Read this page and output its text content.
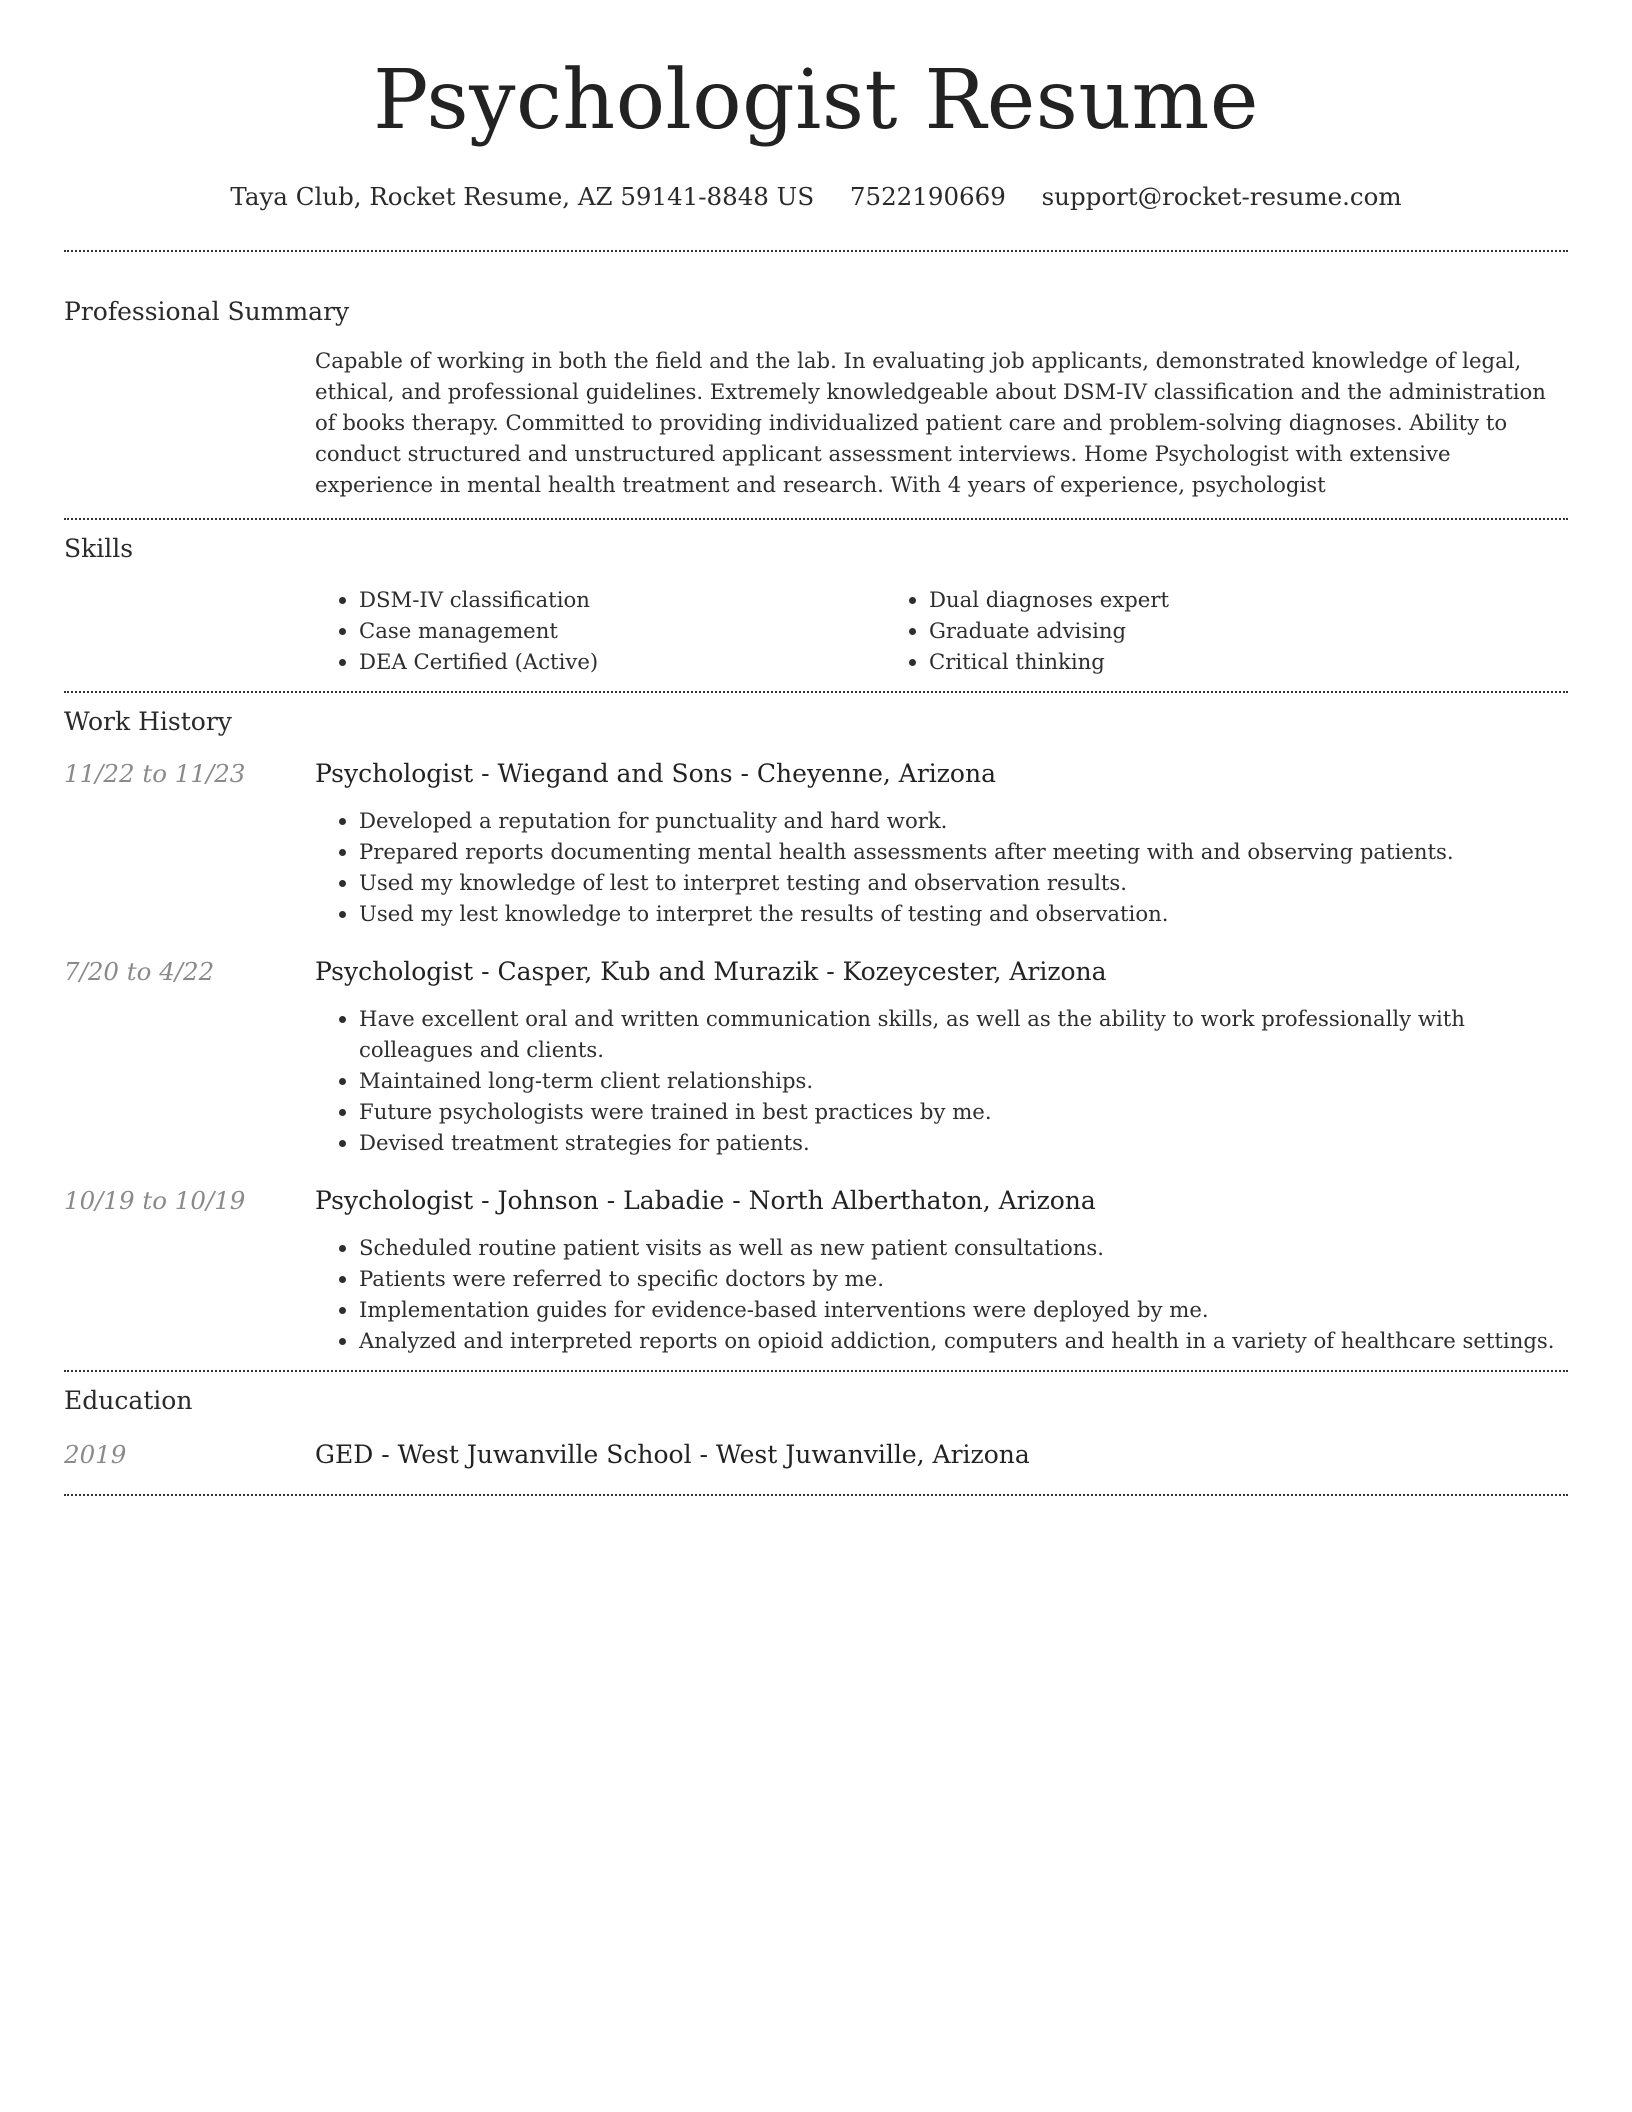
Psychologist Resume
Taya Club, Rocket Resume, AZ 59141-8848 US 7522190669 support@rocket-resume.com
Professional Summary
Capable of working in both the field and the lab. In evaluating job applicants, demonstrated knowledge of legal, ethical, and professional guidelines. Extremely knowledgeable about DSM-IV classification and the administration of books therapy. Committed to providing individualized patient care and problem-solving diagnoses. Ability to conduct structured and unstructured applicant assessment interviews. Home Psychologist with extensive experience in mental health treatment and research. With 4 years of experience, psychologist
Skills
• DSM-IV classification
• Case management
• DEA Certified (Active)
• Dual diagnoses expert
• Graduate advising
• Critical thinking
Work History
11/22 to 11/23	Psychologist - Wiegand and Sons - Cheyenne, Arizona
• Developed a reputation for punctuality and hard work.
• Prepared reports documenting mental health assessments after meeting with and observing patients.
• Used my knowledge of lest to interpret testing and observation results.
• Used my lest knowledge to interpret the results of testing and observation.
7/20 to 4/22	Psychologist - Casper, Kub and Murazik - Kozeycester, Arizona
• Have excellent oral and written communication skills, as well as the ability to work professionally with colleagues and clients.
• Maintained long-term client relationships.
• Future psychologists were trained in best practices by me.
• Devised treatment strategies for patients.
10/19 to 10/19	Psychologist - Johnson - Labadie - North Alberthaton, Arizona
• Scheduled routine patient visits as well as new patient consultations.
• Patients were referred to specific doctors by me.
• Implementation guides for evidence-based interventions were deployed by me.
• Analyzed and interpreted reports on opioid addiction, computers and health in a variety of healthcare settings.
Education
2019	GED - West Juwanville School - West Juwanville, Arizona
